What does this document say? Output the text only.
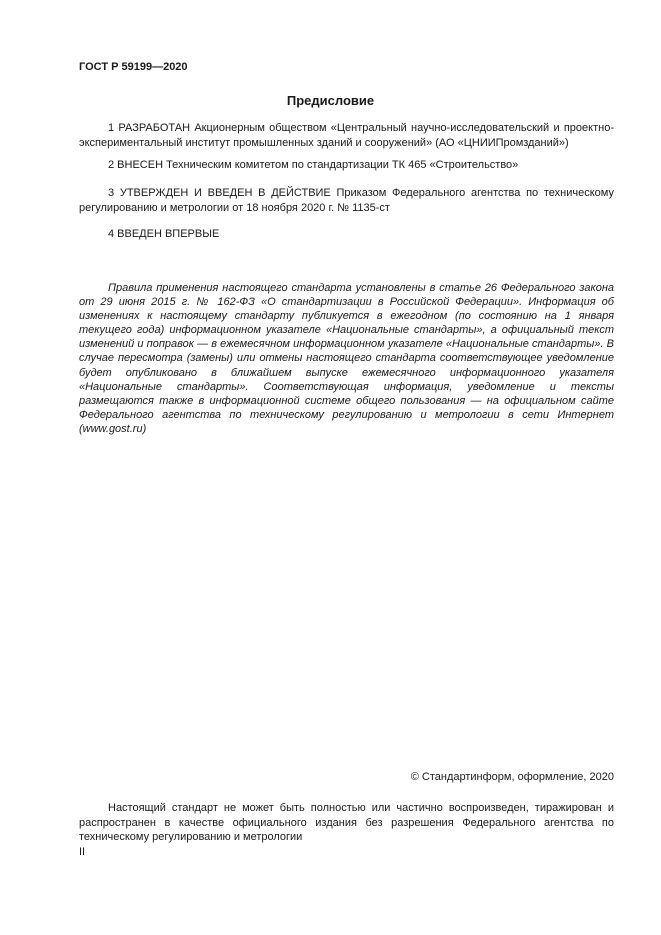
ГОСТ Р 59199—2020
Предисловие

1 РАЗРАБОТАН Акционерным обществом «Центральный научно-исследовательский и проектно-экспериментальный институт промышленных зданий и сооружений» (АО «ЦНИИПромзданий»)

2 ВНЕСЕН Техническим комитетом по стандартизации ТК 465 «Строительство»

3 УТВЕРЖДЕН И ВВЕДЕН В ДЕЙСТВИЕ Приказом Федерального агентства по техническому регулированию и метрологии от 18 ноября 2020 г. № 1135-ст

4 ВВЕДЕН ВПЕРВЫЕ

Правила применения настоящего стандарта установлены в статье 26 Федерального закона от 29 июня 2015 г. № 162-ФЗ «О стандартизации в Российской Федерации». Информация об изменениях к настоящему стандарту публикуется в ежегодном (по состоянию на 1 января текущего года) информационном указателе «Национальные стандарты», а официальный текст изменений и поправок — в ежемесячном информационном указателе «Национальные стандарты». В случае пересмотра (замены) или отмены настоящего стандарта соответствующее уведомление будет опубликовано в ближайшем выпуске ежемесячного информационного указателя «Национальные стандарты». Соответствующая информация, уведомление и тексты размещаются также в информационной системе общего пользования — на официальном сайте Федерального агентства по техническому регулированию и метрологии в сети Интернет (www.gost.ru)

© Стандартинформ, оформление, 2020

Настоящий стандарт не может быть полностью или частично воспроизведен, тиражирован и распространен в качестве официального издания без разрешения Федерального агентства по техническому регулированию и метрологии

II
